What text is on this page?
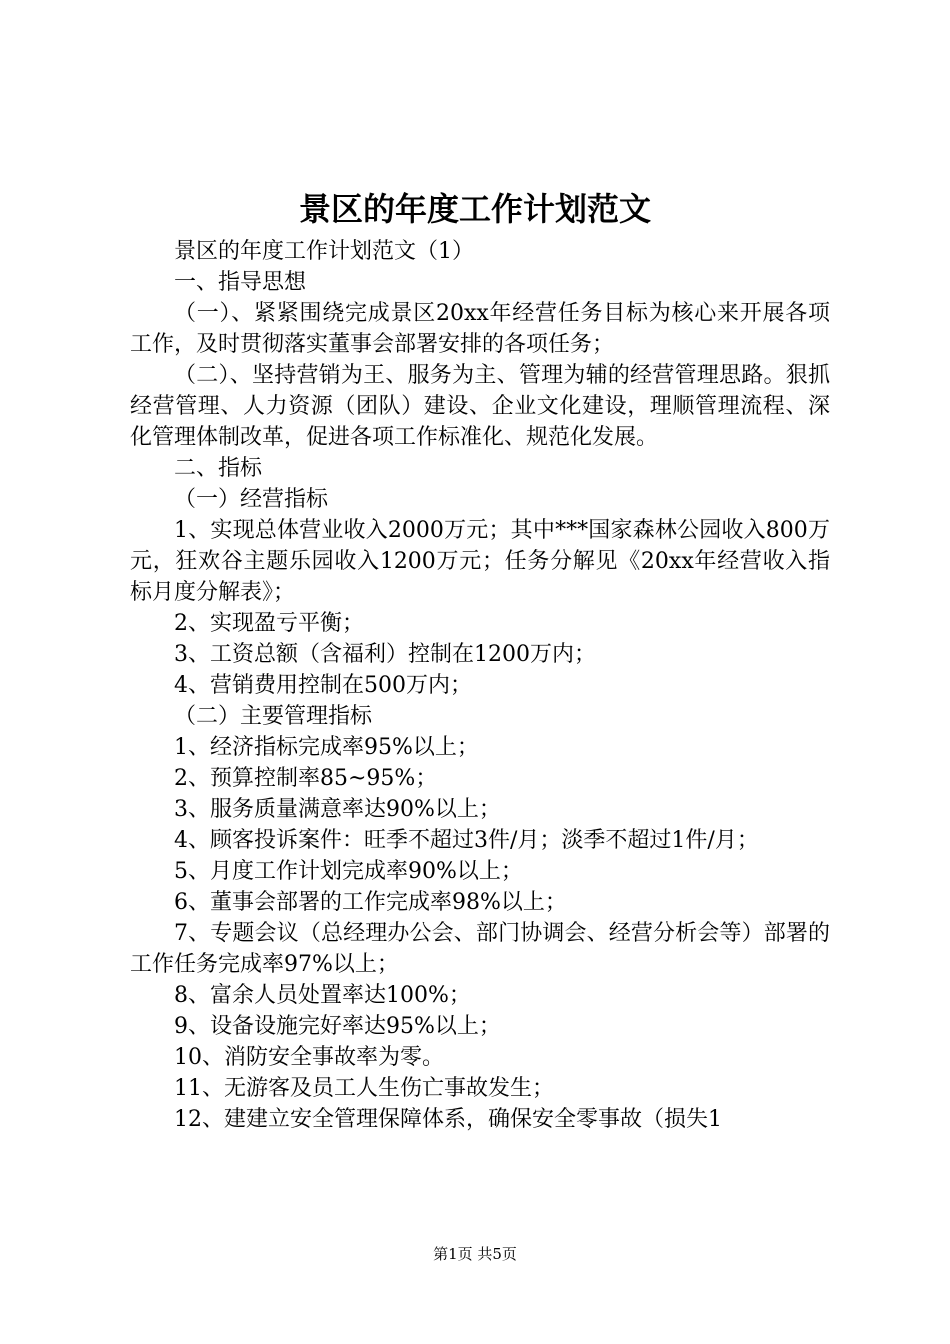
景区的年度工作计划范文

景区的年度工作计划范文（1）

一、指导思想

（一）、紧紧围绕完成景区20xx年经营任务目标为核心来开展各项工作，及时贯彻落实董事会部署安排的各项任务；

（二）、坚持营销为王、服务为主、管理为辅的经营管理思路。狠抓经营管理、人力资源（团队）建设、企业文化建设，理顺管理流程、深化管理体制改革，促进各项工作标准化、规范化发展。

二、指标

（一）经营指标

1、实现总体营业收入2000万元；其中***国家森林公园收入800万元，狂欢谷主题乐园收入1200万元；任务分解见《20xx年经营收入指标月度分解表》；

2、实现盈亏平衡；

3、工资总额（含福利）控制在1200万内；

4、营销费用控制在500万内；

（二）主要管理指标

1、经济指标完成率95%以上；

2、预算控制率85~95%；

3、服务质量满意率达90%以上；

4、顾客投诉案件：旺季不超过3件/月；淡季不超过1件/月；

5、月度工作计划完成率90%以上；

6、董事会部署的工作完成率98%以上；

7、专题会议（总经理办公会、部门协调会、经营分析会等）部署的工作任务完成率97%以上；

8、富余人员处置率达100%；

9、设备设施完好率达95%以上；

10、消防安全事故率为零。

11、无游客及员工人生伤亡事故发生；

12、建建立安全管理保障体系，确保安全零事故（损失1

第1页 共5页
